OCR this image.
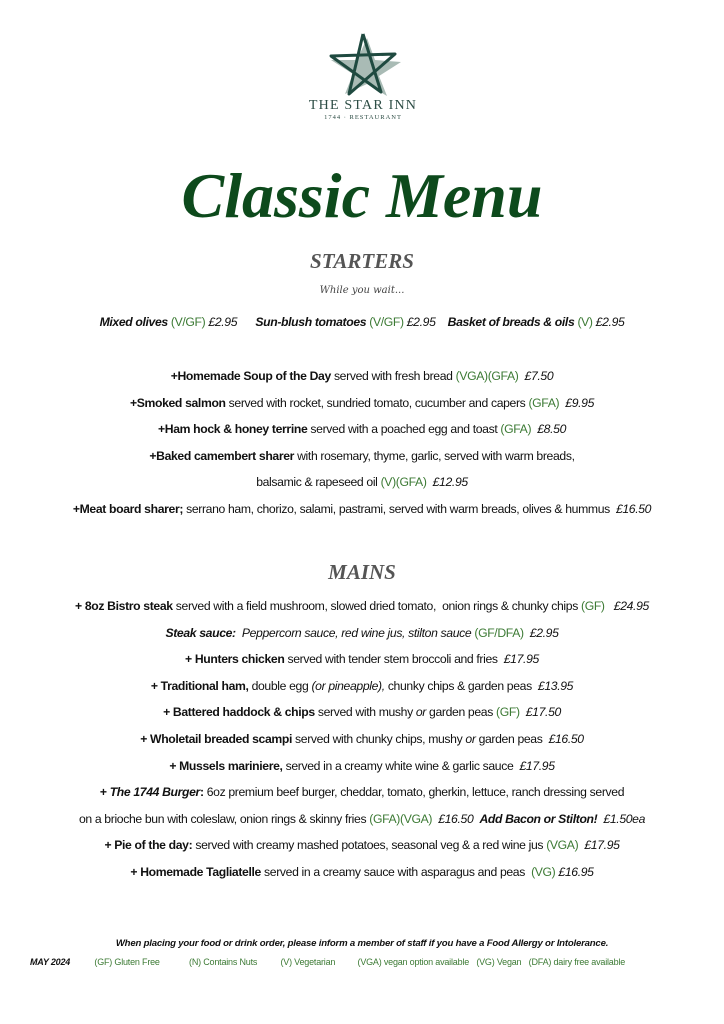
THE STAR INN
1744 · RESTAURANT
Classic Menu
STARTERS
While you wait...
Mixed olives (V/GF) £2.95      Sun-blush tomatoes (V/GF) £2.95    Basket of breads & oils (V) £2.95
+Homemade Soup of the Day served with fresh bread (VGA)(GFA)  £7.50
+Smoked salmon served with rocket, sundried tomato, cucumber and capers (GFA)  £9.95
+Ham hock & honey terrine served with a poached egg and toast (GFA)  £8.50
+Baked camembert sharer with rosemary, thyme, garlic, served with warm breads,
balsamic & rapeseed oil (V)(GFA)  £12.95
+Meat board sharer; serrano ham, chorizo, salami, pastrami, served with warm breads, olives & hummus  £16.50
MAINS
+ 8oz Bistro steak served with a field mushroom, slowed dried tomato,  onion rings & chunky chips (GF)   £24.95
Steak sauce:  Peppercorn sauce, red wine jus, stilton sauce (GF/DFA)  £2.95
+ Hunters chicken served with tender stem broccoli and fries  £17.95
+ Traditional ham, double egg (or pineapple), chunky chips & garden peas  £13.95
+ Battered haddock & chips served with mushy or garden peas (GF)  £17.50
+ Wholetail breaded scampi served with chunky chips, mushy or garden peas  £16.50
+ Mussels mariniere, served in a creamy white wine & garlic sauce  £17.95
+ The 1744 Burger: 6oz premium beef burger, cheddar, tomato, gherkin, lettuce, ranch dressing served
on a brioche bun with coleslaw, onion rings & skinny fries (GFA)(VGA)  £16.50  Add Bacon or Stilton!  £1.50ea
+ Pie of the day: served with creamy mashed potatoes, seasonal veg & a red wine jus (VGA)  £17.95
+ Homemade Tagliatelle served in a creamy sauce with asparagus and peas  (VG) £16.95
When placing your food or drink order, please inform a member of staff if you have a Food Allergy or Intolerance.
MAY 2024	(GF) Gluten Free	(N) Contains Nuts	(V) Vegetarian (VGA) vegan option available (VG) Vegan (DFA) dairy free available
